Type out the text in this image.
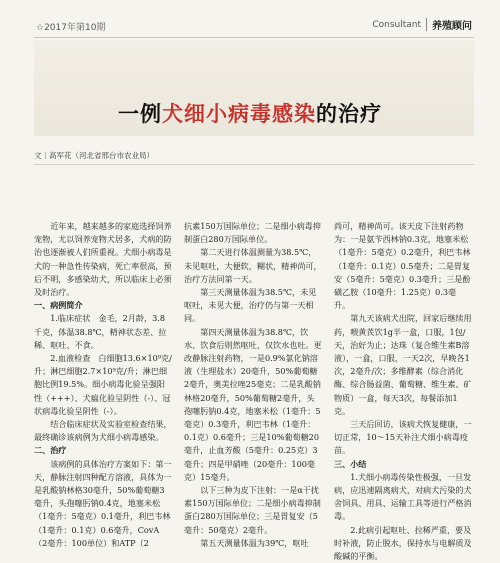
☆2017年第10期	Consultant 养殖顾问
一例犬细小病毒感染的治疗
文｜高军花（河北省邢台市农业局）

近年来，越来越多的家庭选择饲养宠物，尤以饲养宠物犬居多，犬病的防治也逐渐被人们所重视。犬细小病毒是犬的一种急性传染病，死亡率很高，预后不明，多感染幼犬，所以临床上必须及时治疗。

一、病例简介

1.临床症状　金毛，2月龄，3.8千克，体温38.8℃，精神状态差、拉稀、呕吐、不食。

2.血液检查　白细胞13.6×10⁹克/升；淋巴细胞2.7×10⁹克/升；淋巴细胞比例19.5%。细小病毒化验呈强阳性（+++）、犬瘟化验呈阴性（-）、冠状病毒化验呈阴性（-）。

结合临床症状及实验室检查结果，最终确诊该病例为犬细小病毒感染。

二、治疗

该病例的具体治疗方案如下：第一天，静脉注射四种配方溶液，具体为一是乳酸钠林格30毫升，50%葡萄糖3毫升，头孢噻肟钠0.4克，地塞米松（1毫升：5毫克）0.1毫升，利巴韦林（1毫升：0.1克）0.6毫升，CovA（2毫升：100单位）和ATP（2

抗素150万国际单位；二是细小病毒抑制蛋白280万国际单位。

第二天进行体温测量为38.5℃，未见呕吐，大便软，糊状，精神尚可，治疗方法同第一天。

第三天测量体温为38.5℃，未见呕吐，未见大便，治疗仍与第一天相同。

第四天测量体温为38.8℃，饮水、饮食后则然呕吐，仅饮水也吐。更改静脉注射药物，一是0.9%氯化钠溶液（生理盐水）20毫升，50%葡萄糖2毫升，奥美拉唑25毫克；二是乳酸钠林格20毫升，50%葡萄糖2毫升，头孢噻肟钠0.4克，地塞米松（1毫升：5毫克）0.3毫升，利巴韦林（1毫升：0.1克）0.6毫升；三是10%葡萄糖20毫升，止血芳酸（5毫升：0.25克）3毫升；四是甲硝唑（20毫升：100毫克）15毫升。

以下三种为皮下注射：一是α干扰素150万国际单位；二是细小病毒抑制蛋白280万国际单位；三是胃复安（5毫升：50毫克）2毫升。

第五天测量体温为39℃，呕吐

尚可，精神尚可。该天皮下注射药物为：一是氨苄西林钠0.3克，地塞米松（1毫升：5毫克）0.2毫升，利巴韦林（1毫升：0.1克）0.5毫升；二是胃复安（5毫升：5毫克）0.3毫升；三是酚磺乙胺（10毫升：1.25克）0.3毫升。

第九天该病犬出院，回家后继续用药，喂黄芪饮1g半一盒，口服，1包/天，治好为止；达珠（复合维生素B溶液），一盒，口服，一天2次，早晚各1次，2毫升/次；多维酵素（综合消化酶、综合肠益菌、葡萄糖、维生素、矿物质）一盒，每天3次，每餐添加1克。

三天后回访，该病犬恢复健康，一切正常，10～15天补注犬细小病毒疫苗。

三、小结

1.犬细小病毒传染性极强，一旦发病，应迅速隔离病犬，对病犬污染的犬舍饲具、用具、运输工具等进行严格消毒。

2.此病引起呕吐、拉稀严重，要及时补液，防止脱水，保持水与电解质及酸碱的平衡。
